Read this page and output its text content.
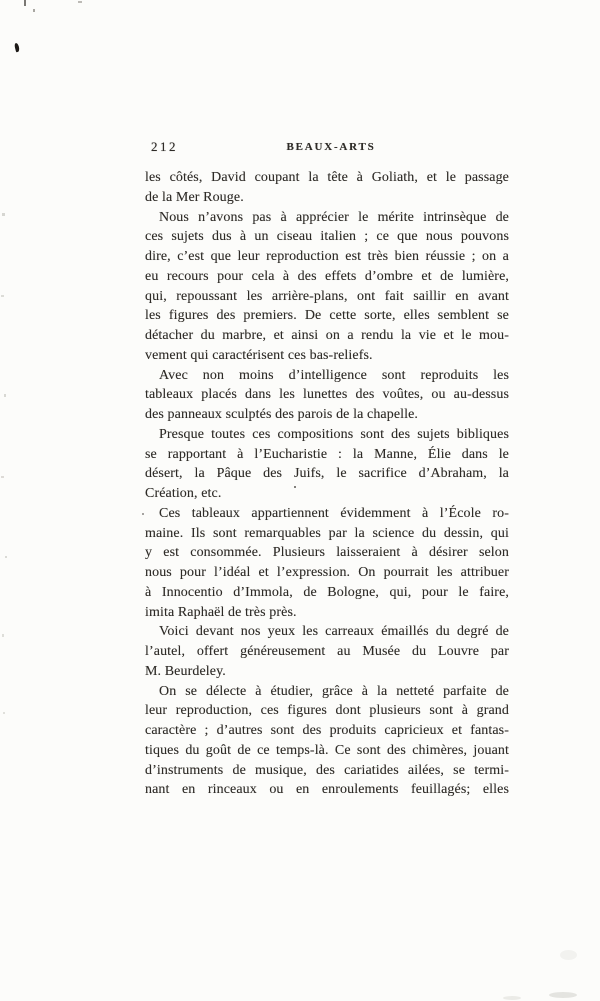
212	BEAUX-ARTS
les côtés, David coupant la tête à Goliath, et le passage
de la Mer Rouge.
Nous n’avons pas à apprécier le mérite intrinsèque de
ces sujets dus à un ciseau italien ; ce que nous pouvons
dire, c’est que leur reproduction est très bien réussie ; on a
eu recours pour cela à des effets d’ombre et de lumière,
qui, repoussant les arrière-plans, ont fait saillir en avant
les figures des premiers. De cette sorte, elles semblent se
détacher du marbre, et ainsi on a rendu la vie et le mou-
vement qui caractérisent ces bas-reliefs.
Avec non moins d’intelligence sont reproduits les
tableaux placés dans les lunettes des voûtes, ou au-dessus
des panneaux sculptés des parois de la chapelle.
Presque toutes ces compositions sont des sujets bibliques
se rapportant à l’Eucharistie : la Manne, Élie dans le
désert, la Pâque des Juifs, le sacrifice d’Abraham, la
Création, etc.
Ces tableaux appartiennent évidemment à l’École ro-
maine. Ils sont remarquables par la science du dessin, qui
y est consommée. Plusieurs laisseraient à désirer selon
nous pour l’idéal et l’expression. On pourrait les attribuer
à Innocentio d’Immola, de Bologne, qui, pour le faire,
imita Raphaël de très près.
Voici devant nos yeux les carreaux émaillés du degré de
l’autel, offert généreusement au Musée du Louvre par
M. Beurdeley.
On se délecte à étudier, grâce à la netteté parfaite de
leur reproduction, ces figures dont plusieurs sont à grand
caractère ; d’autres sont des produits capricieux et fantas-
tiques du goût de ce temps-là. Ce sont des chimères, jouant
d’instruments de musique, des cariatides ailées, se termi-
nant en rinceaux ou en enroulements feuillagés; elles
